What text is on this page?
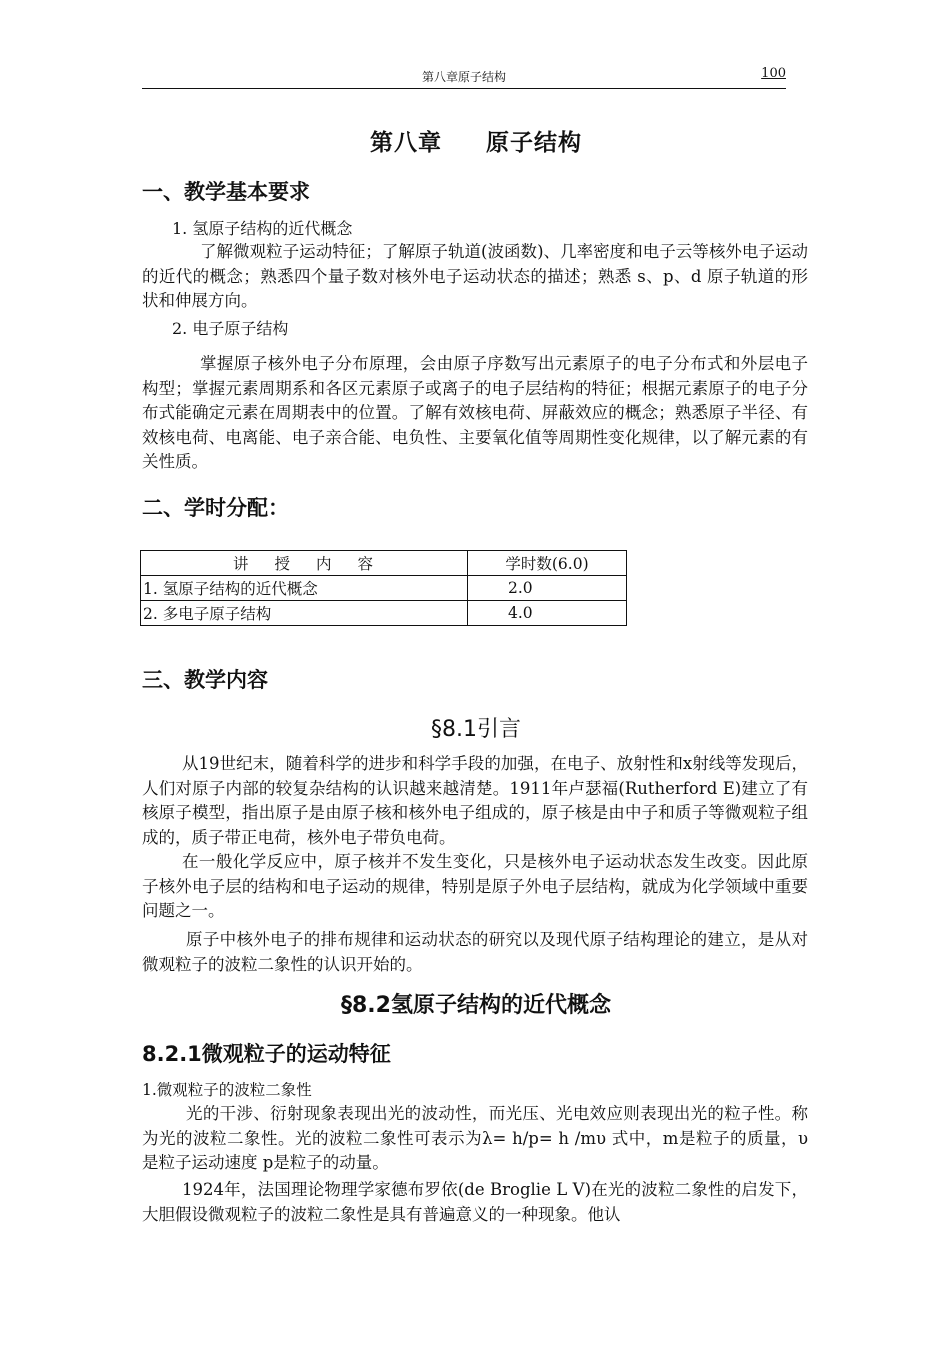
第八章原子结构	100
第八章 原子结构
一、教学基本要求
1. 氢原子结构的近代概念
了解微观粒子运动特征；了解原子轨道(波函数)、几率密度和电子云等核外电子运动的近代的概念；熟悉四个量子数对核外电子运动状态的描述；熟悉 s、p、d 原子轨道的形状和伸展方向。
2. 电子原子结构
掌握原子核外电子分布原理，会由原子序数写出元素原子的电子分布式和外层电子构型；掌握元素周期系和各区元素原子或离子的电子层结构的特征；根据元素原子的电子分布式能确定元素在周期表中的位置。了解有效核电荷、屏蔽效应的概念；熟悉原子半径、有效核电荷、电离能、电子亲合能、电负性、主要氧化值等周期性变化规律，以了解元素的有关性质。
二、学时分配：
讲授内容	学时数(6.0)
1. 氢原子结构的近代概念	2.0
2. 多电子原子结构	4.0
三、教学内容
§8.1引言
从19世纪末，随着科学的进步和科学手段的加强，在电子、放射性和x射线等发现后，人们对原子内部的较复杂结构的认识越来越清楚。1911年卢瑟福(Rutherford E)建立了有核原子模型，指出原子是由原子核和核外电子组成的，原子核是由中子和质子等微观粒子组成的，质子带正电荷，核外电子带负电荷。
在一般化学反应中，原子核并不发生变化，只是核外电子运动状态发生改变。因此原子核外电子层的结构和电子运动的规律，特别是原子外电子层结构，就成为化学领域中重要问题之一。
原子中核外电子的排布规律和运动状态的研究以及现代原子结构理论的建立，是从对微观粒子的波粒二象性的认识开始的。
§8.2氢原子结构的近代概念
8.2.1微观粒子的运动特征
1.微观粒子的波粒二象性
光的干涉、衍射现象表现出光的波动性，而光压、光电效应则表现出光的粒子性。称为光的波粒二象性。光的波粒二象性可表示为λ= h/p= h /mυ 式中，m是粒子的质量，υ 是粒子运动速度 p是粒子的动量。
1924年，法国理论物理学家德布罗依(de Broglie L V)在光的波粒二象性的启发下，大胆假设微观粒子的波粒二象性是具有普遍意义的一种现象。他认
